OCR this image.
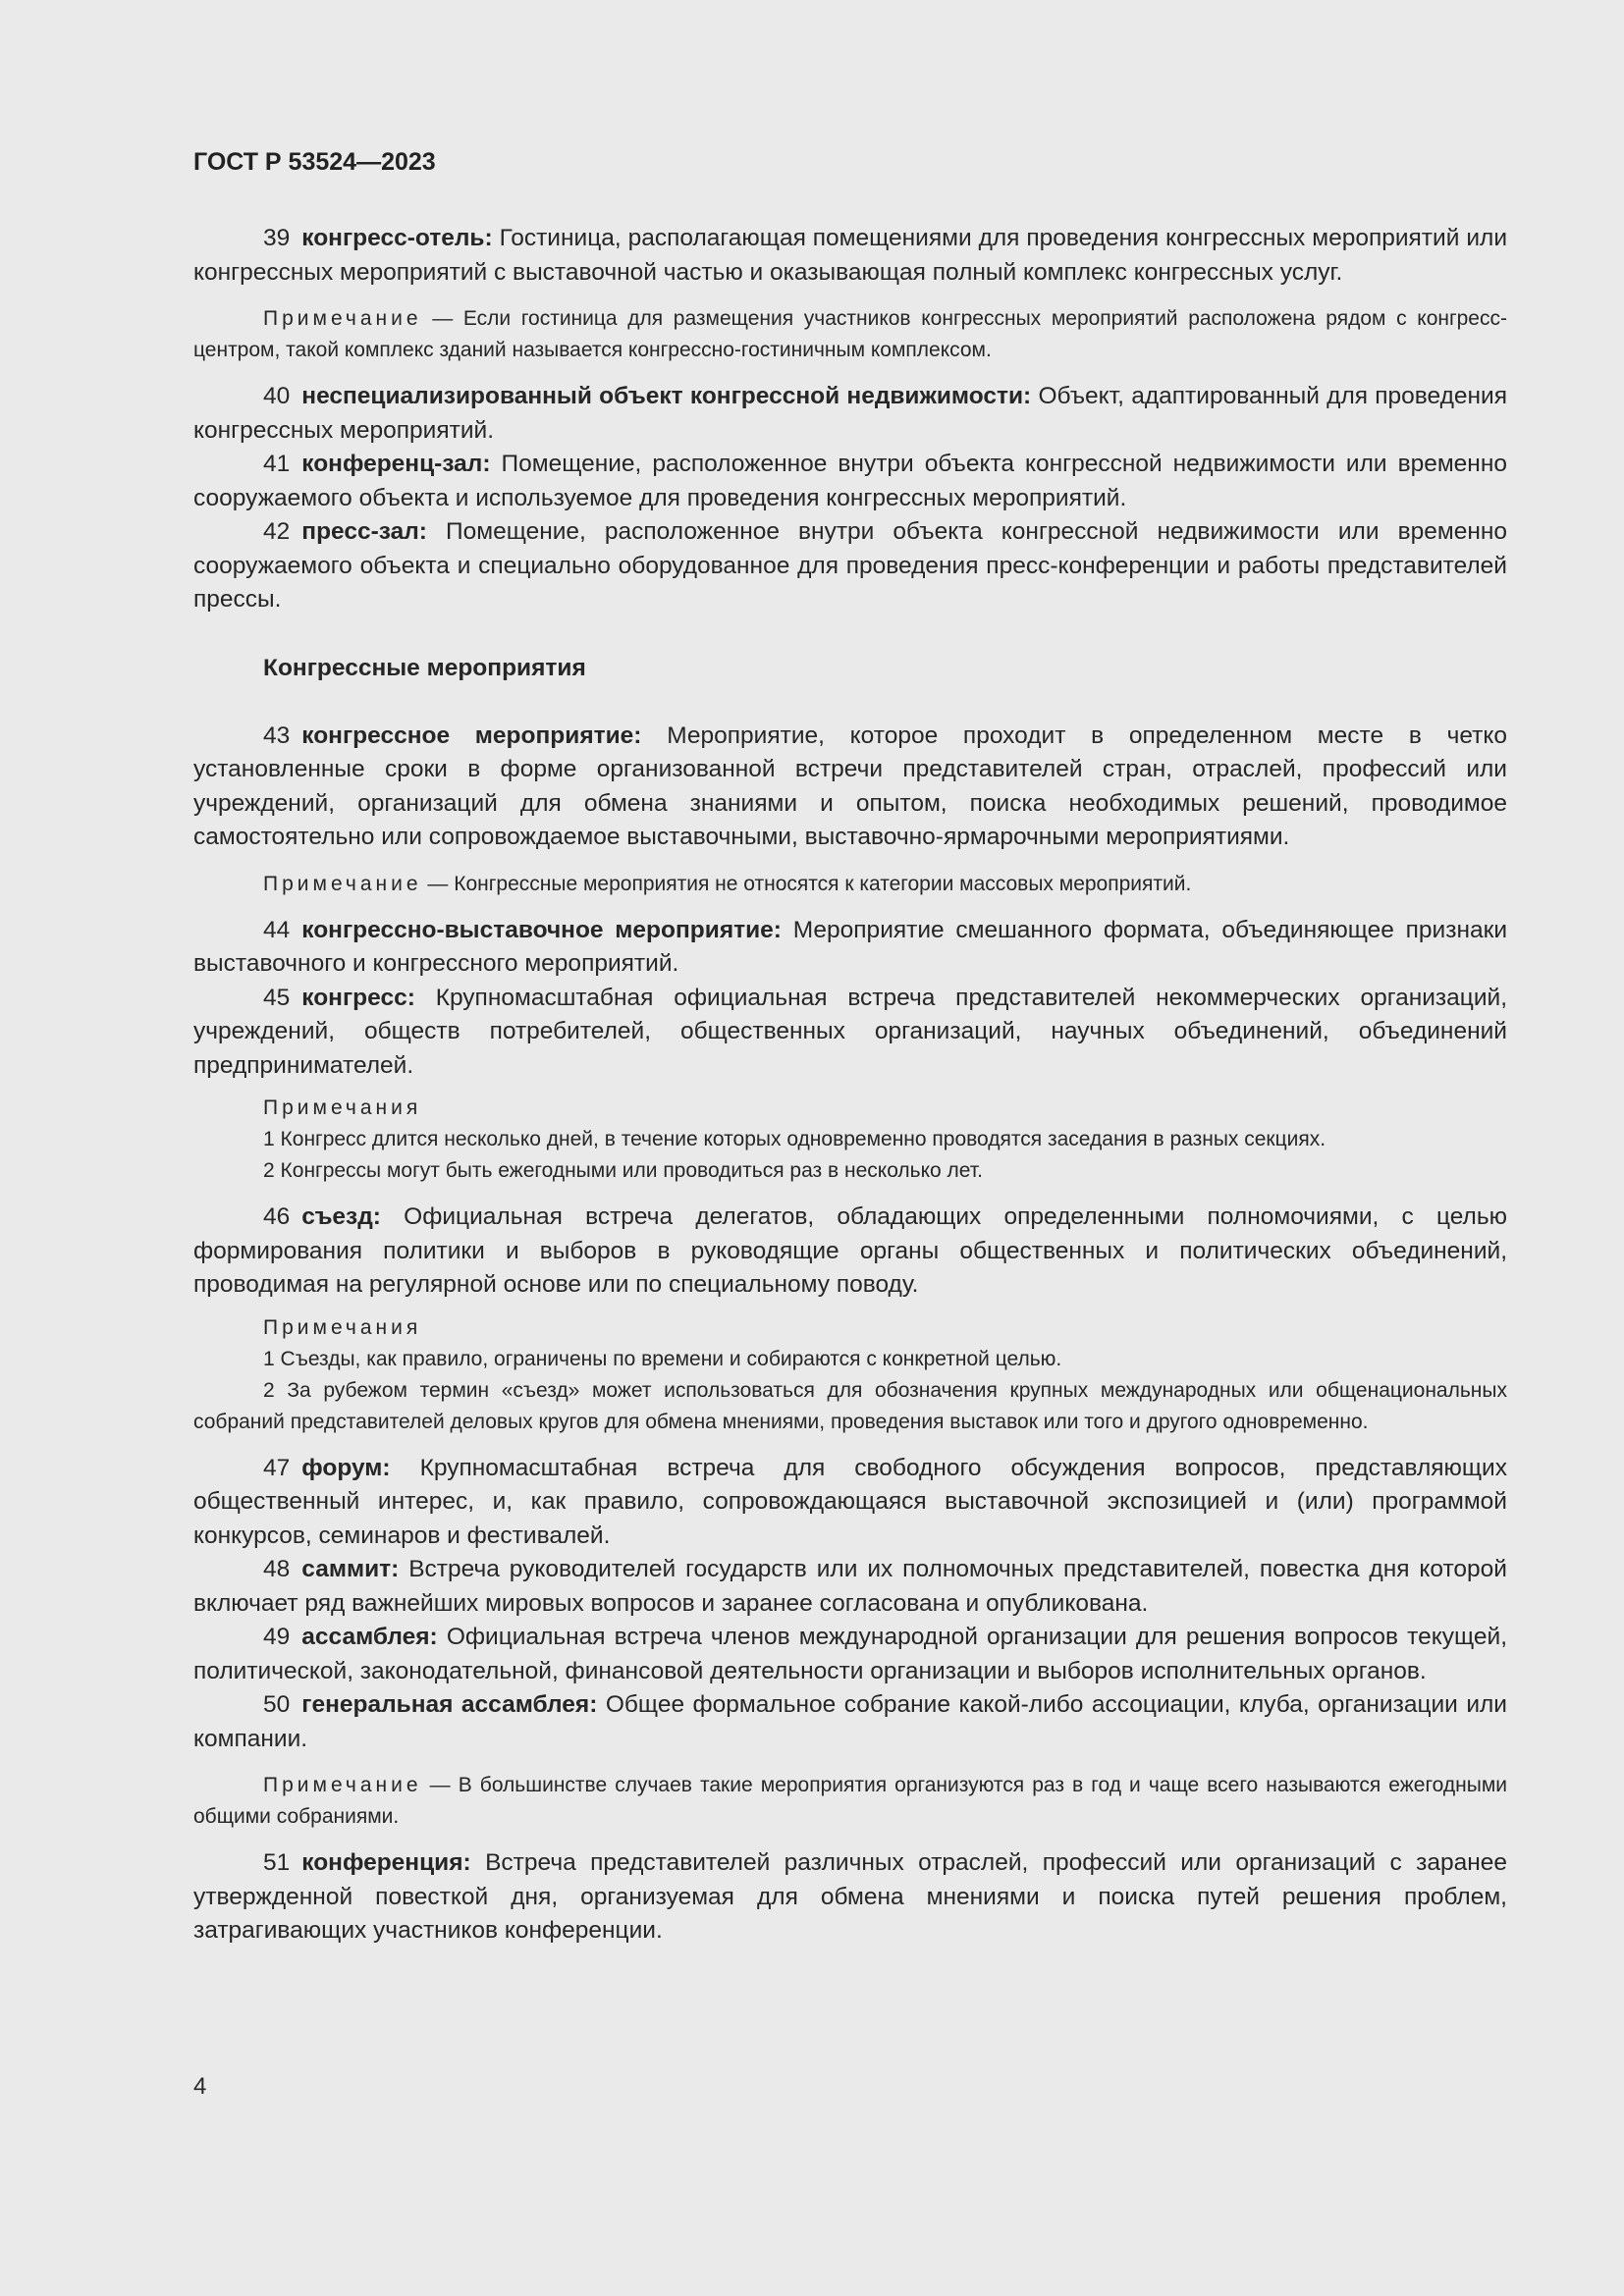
ГОСТ Р 53524—2023

39 конгресс-отель: Гостиница, располагающая помещениями для проведения конгрессных мероприятий или конгрессных мероприятий с выставочной частью и оказывающая полный комплекс конгрессных услуг.

Примечание — Если гостиница для размещения участников конгрессных мероприятий расположена рядом с конгресс-центром, такой комплекс зданий называется конгрессно-гостиничным комплексом.

40 неспециализированный объект конгрессной недвижимости: Объект, адаптированный для проведения конгрессных мероприятий.

41 конференц-зал: Помещение, расположенное внутри объекта конгрессной недвижимости или временно сооружаемого объекта и используемое для проведения конгрессных мероприятий.

42 пресс-зал: Помещение, расположенное внутри объекта конгрессной недвижимости или временно сооружаемого объекта и специально оборудованное для проведения пресс-конференции и работы представителей прессы.

Конгрессные мероприятия

43 конгрессное мероприятие: Мероприятие, которое проходит в определенном месте в четко установленные сроки в форме организованной встречи представителей стран, отраслей, профессий или учреждений, организаций для обмена знаниями и опытом, поиска необходимых решений, проводимое самостоятельно или сопровождаемое выставочными, выставочно-ярмарочными мероприятиями.

Примечание — Конгрессные мероприятия не относятся к категории массовых мероприятий.

44 конгрессно-выставочное мероприятие: Мероприятие смешанного формата, объединяющее признаки выставочного и конгрессного мероприятий.

45 конгресс: Крупномасштабная официальная встреча представителей некоммерческих организаций, учреждений, обществ потребителей, общественных организаций, научных объединений, объединений предпринимателей.

Примечания

1 Конгресс длится несколько дней, в течение которых одновременно проводятся заседания в разных секциях.

2 Конгрессы могут быть ежегодными или проводиться раз в несколько лет.

46 съезд: Официальная встреча делегатов, обладающих определенными полномочиями, с целью формирования политики и выборов в руководящие органы общественных и политических объединений, проводимая на регулярной основе или по специальному поводу.

Примечания

1 Съезды, как правило, ограничены по времени и собираются с конкретной целью.

2 За рубежом термин «съезд» может использоваться для обозначения крупных международных или общенациональных собраний представителей деловых кругов для обмена мнениями, проведения выставок или того и другого одновременно.

47 форум: Крупномасштабная встреча для свободного обсуждения вопросов, представляющих общественный интерес, и, как правило, сопровождающаяся выставочной экспозицией и (или) программой конкурсов, семинаров и фестивалей.

48 саммит: Встреча руководителей государств или их полномочных представителей, повестка дня которой включает ряд важнейших мировых вопросов и заранее согласована и опубликована.

49 ассамблея: Официальная встреча членов международной организации для решения вопросов текущей, политической, законодательной, финансовой деятельности организации и выборов исполнительных органов.

50 генеральная ассамблея: Общее формальное собрание какой-либо ассоциации, клуба, организации или компании.

Примечание — В большинстве случаев такие мероприятия организуются раз в год и чаще всего называются ежегодными общими собраниями.

51 конференция: Встреча представителей различных отраслей, профессий или организаций с заранее утвержденной повесткой дня, организуемая для обмена мнениями и поиска путей решения проблем, затрагивающих участников конференции.

4
